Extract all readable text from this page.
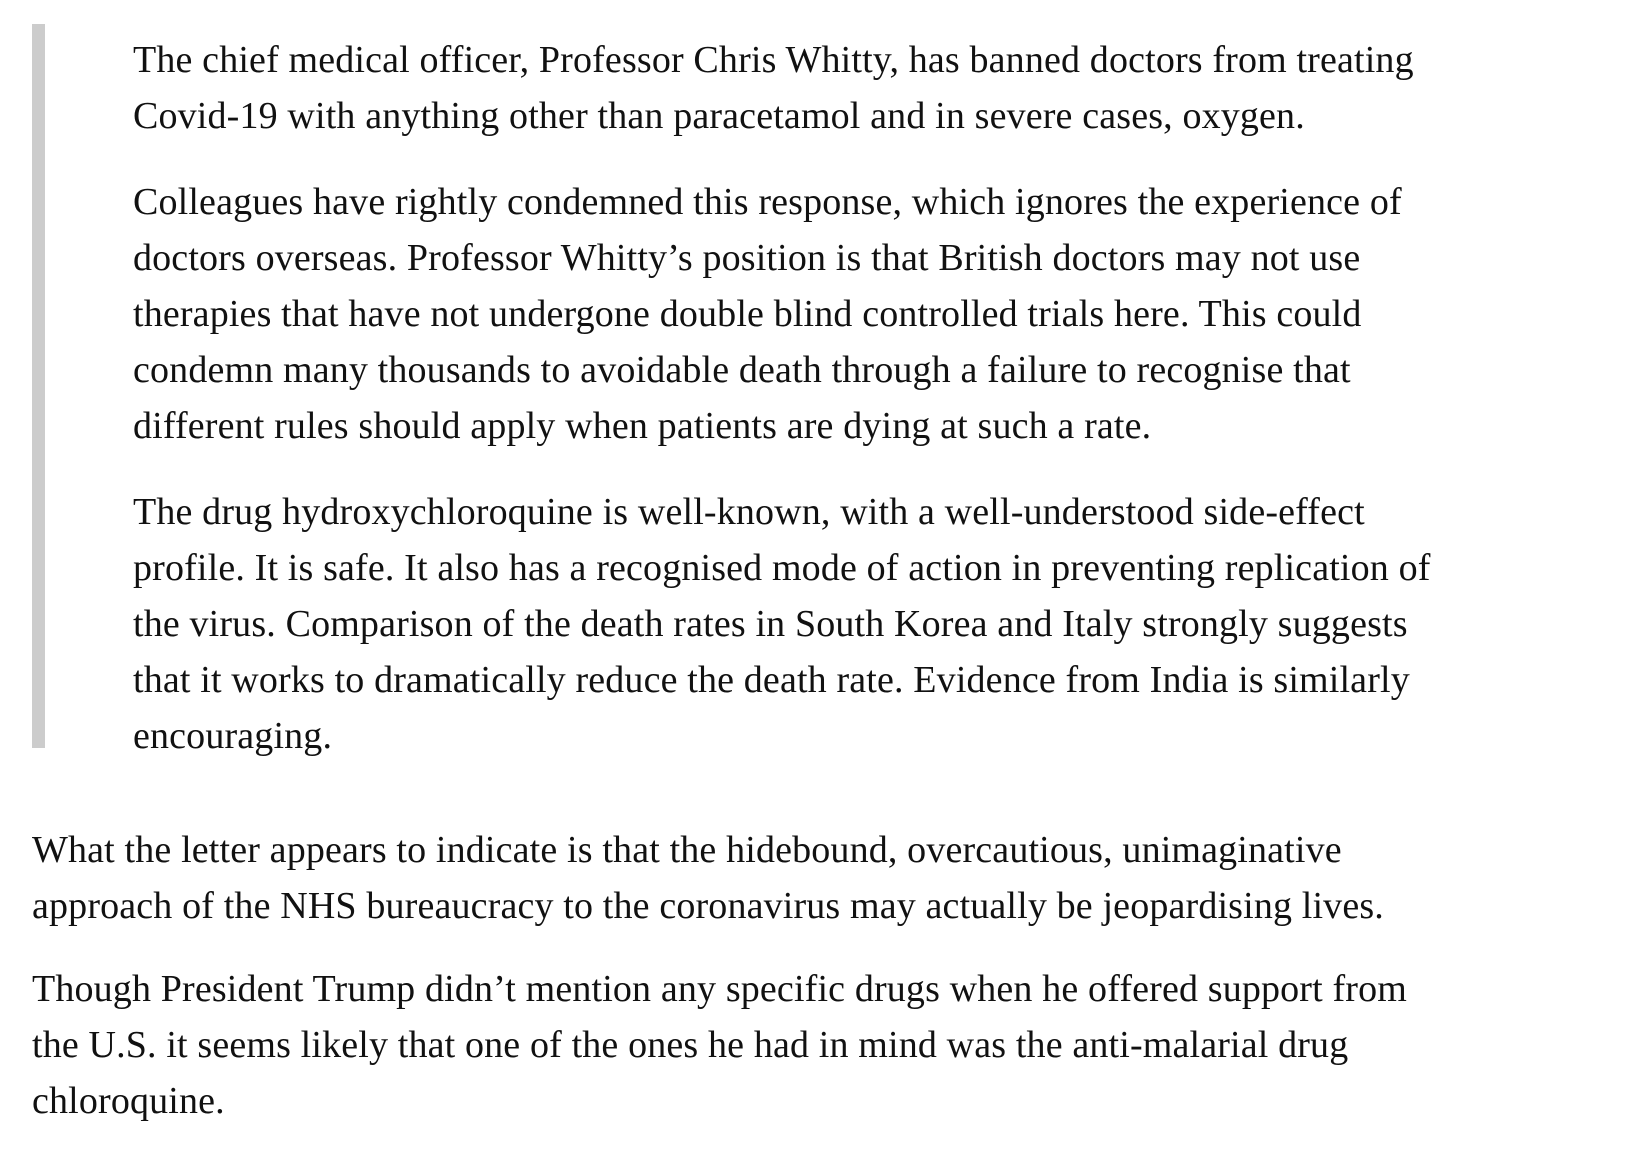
The chief medical officer, Professor Chris Whitty, has banned doctors from treating
Covid-19 with anything other than paracetamol and in severe cases, oxygen.

Colleagues have rightly condemned this response, which ignores the experience of
doctors overseas. Professor Whitty’s position is that British doctors may not use
therapies that have not undergone double blind controlled trials here. This could
condemn many thousands to avoidable death through a failure to recognise that
different rules should apply when patients are dying at such a rate.

The drug hydroxychloroquine is well-known, with a well-understood side-effect
profile. It is safe. It also has a recognised mode of action in preventing replication of
the virus. Comparison of the death rates in South Korea and Italy strongly suggests
that it works to dramatically reduce the death rate. Evidence from India is similarly
encouraging.

What the letter appears to indicate is that the hidebound, overcautious, unimaginative
approach of the NHS bureaucracy to the coronavirus may actually be jeopardising lives.

Though President Trump didn’t mention any specific drugs when he offered support from
the U.S. it seems likely that one of the ones he had in mind was the anti-malarial drug
chloroquine.
